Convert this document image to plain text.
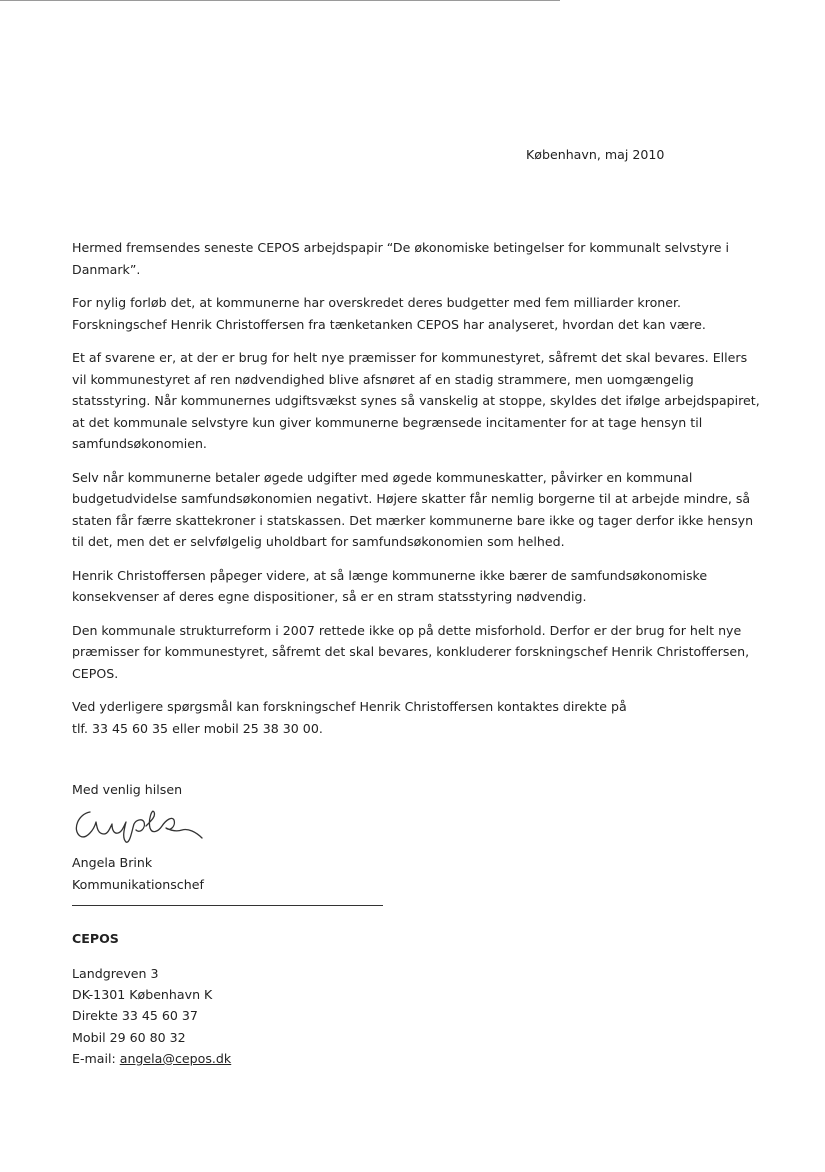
København, maj 2010

Hermed fremsendes seneste CEPOS arbejdspapir “De økonomiske betingelser for kommunalt selvstyre i
Danmark”.

For nylig forløb det, at kommunerne har overskredet deres budgetter med fem milliarder kroner.
Forskningschef Henrik Christoffersen fra tænketanken CEPOS har analyseret, hvordan det kan være.

Et af svarene er, at der er brug for helt nye præmisser for kommunestyret, såfremt det skal bevares. Ellers
vil kommunestyret af ren nødvendighed blive afsnøret af en stadig strammere, men uomgængelig
statsstyring. Når kommunernes udgiftsvækst synes så vanskelig at stoppe, skyldes det ifølge arbejdspapiret,
at det kommunale selvstyre kun giver kommunerne begrænsede incitamenter for at tage hensyn til
samfundsøkonomien.

Selv når kommunerne betaler øgede udgifter med øgede kommuneskatter, påvirker en kommunal
budgetudvidelse samfundsøkonomien negativt. Højere skatter får nemlig borgerne til at arbejde mindre, så
staten får færre skattekroner i statskassen. Det mærker kommunerne bare ikke og tager derfor ikke hensyn
til det, men det er selvfølgelig uholdbart for samfundsøkonomien som helhed.

Henrik Christoffersen påpeger videre, at så længe kommunerne ikke bærer de samfundsøkonomiske
konsekvenser af deres egne dispositioner, så er en stram statsstyring nødvendig.

Den kommunale strukturreform i 2007 rettede ikke op på dette misforhold. Derfor er der brug for helt nye
præmisser for kommunestyret, såfremt det skal bevares, konkluderer forskningschef Henrik Christoffersen,
CEPOS.

Ved yderligere spørgsmål kan forskningschef Henrik Christoffersen kontaktes direkte på
tlf. 33 45 60 35 eller mobil 25 38 30 00.

Med venlig hilsen
Angela Brink
Kommunikationschef
CEPOS
Landgreven 3
DK-1301 København K
Direkte 33 45 60 37
Mobil 29 60 80 32
E-mail: angela@cepos.dk
